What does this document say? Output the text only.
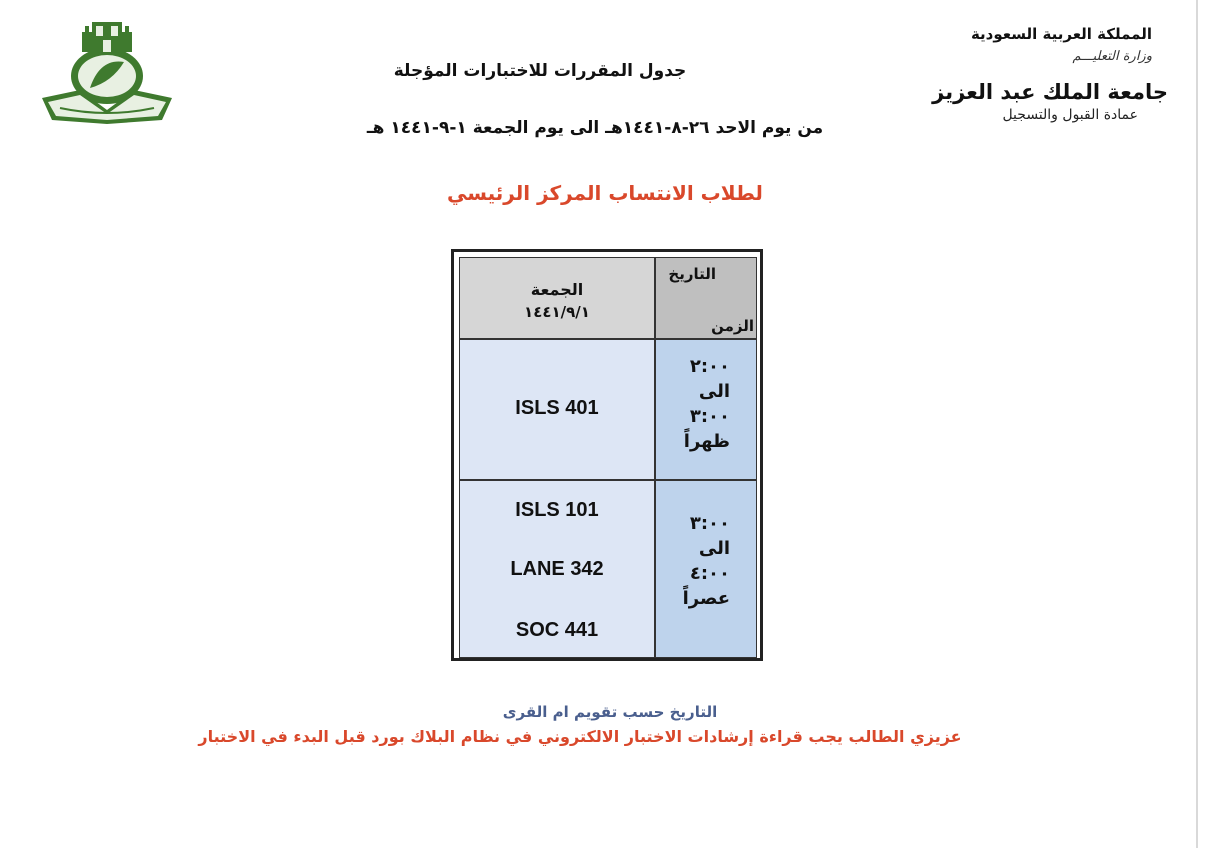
المملكة العربية السعودية
وزارة التعليـــم
جامعة الملك عبد العزيز
عمادة القبول والتسجيل
جدول المقررات للاختبارات المؤجلة
من يوم الاحد ٢٦-٨-١٤٤١هـ الى يوم الجمعة ١-٩-١٤٤١ هـ
لطلاب الانتساب المركز الرئيسي
الجمعة
١٤٤١/٩/١
التاريخ
الزمن
ISLS 401
٢:٠٠
الى
٣:٠٠
ظهراً
ISLS 101
LANE 342
SOC 441
٣:٠٠
الى
٤:٠٠
عصراً
التاريخ حسب تقويم ام القرى
عزيزي الطالب يجب قراءة إرشادات الاختبار الالكتروني في نظام البلاك بورد قبل البدء في الاختبار
